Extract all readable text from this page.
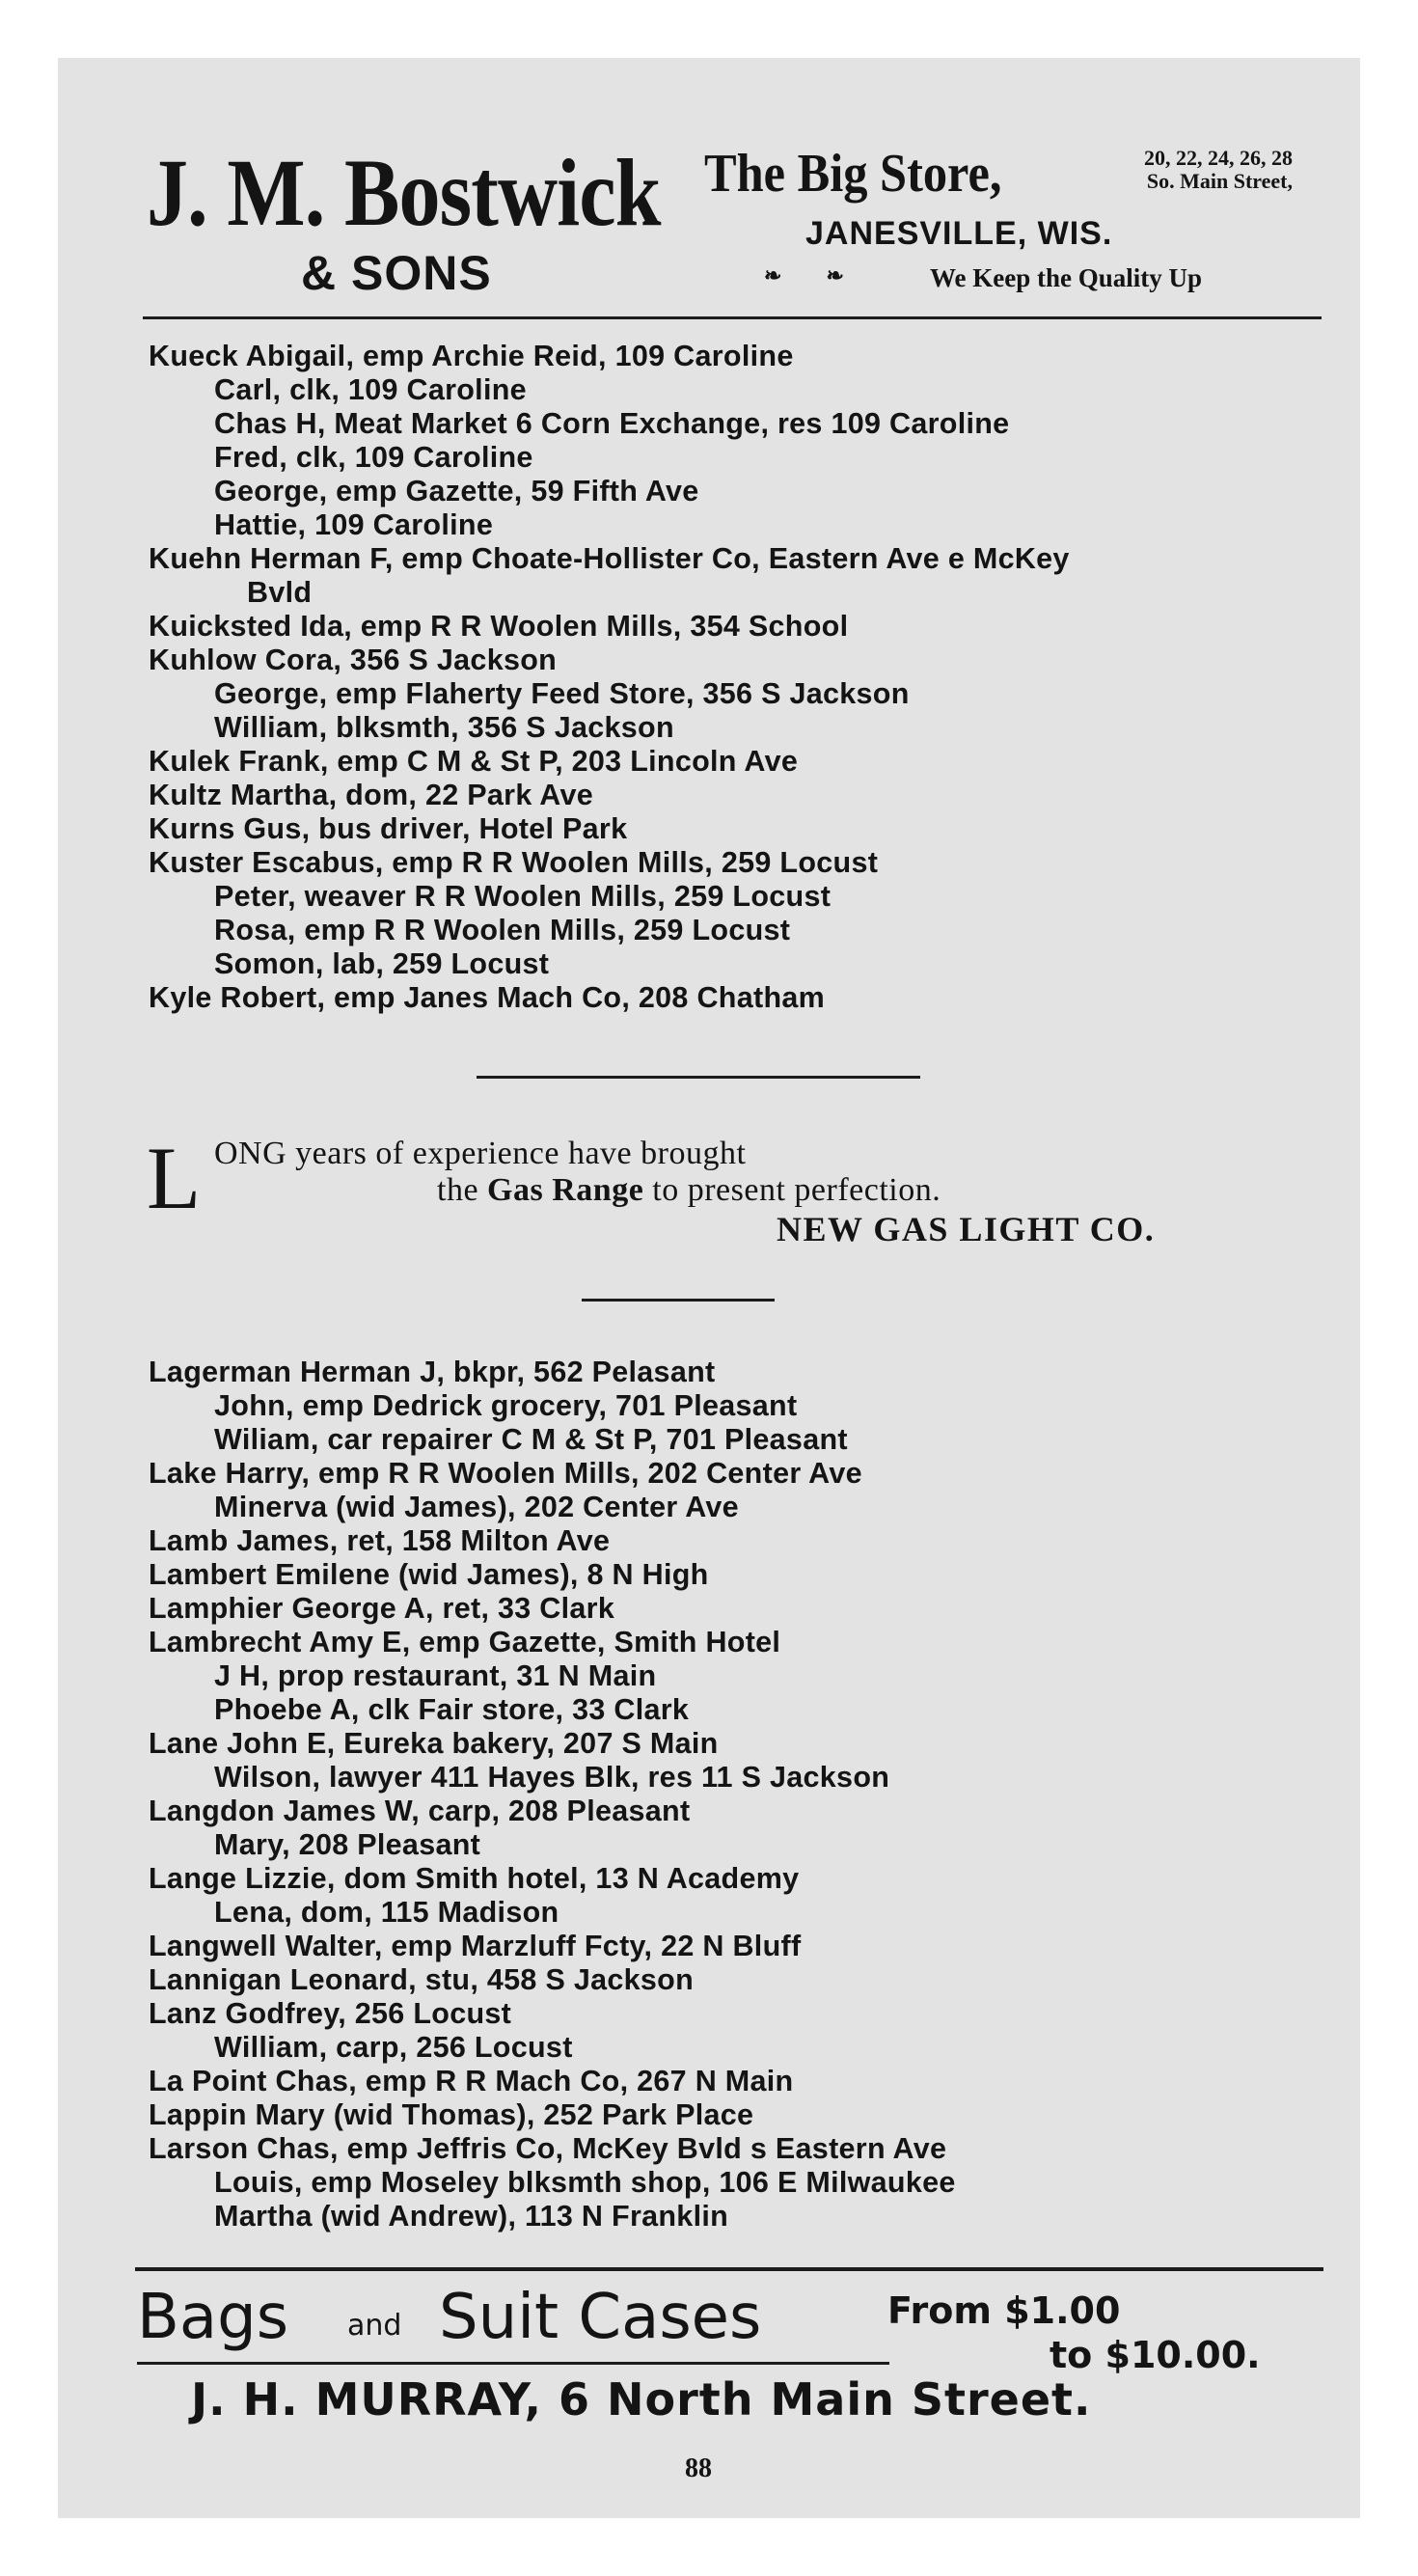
J. M. Bostwick
& SONS
The Big Store,	20, 22, 24, 26, 28
So. Main Street,
JANESVILLE, WIS.
❧ ❧	We Keep the Quality Up
Kueck Abigail, emp Archie Reid, 109 Caroline
Carl, clk, 109 Caroline
Chas H, Meat Market 6 Corn Exchange, res 109 Caroline
Fred, clk, 109 Caroline
George, emp Gazette, 59 Fifth Ave
Hattie, 109 Caroline
Kuehn Herman F, emp Choate-Hollister Co, Eastern Ave e McKey
Bvld
Kuicksted Ida, emp R R Woolen Mills, 354 School
Kuhlow Cora, 356 S Jackson
George, emp Flaherty Feed Store, 356 S Jackson
William, blksmth, 356 S Jackson
Kulek Frank, emp C M & St P, 203 Lincoln Ave
Kultz Martha, dom, 22 Park Ave
Kurns Gus, bus driver, Hotel Park
Kuster Escabus, emp R R Woolen Mills, 259 Locust
Peter, weaver R R Woolen Mills, 259 Locust
Rosa, emp R R Woolen Mills, 259 Locust
Somon, lab, 259 Locust
Kyle Robert, emp Janes Mach Co, 208 Chatham
L ONG years of experience have brought
the Gas Range to present perfection.
NEW GAS LIGHT CO.
Lagerman Herman J, bkpr, 562 Pelasant
John, emp Dedrick grocery, 701 Pleasant
Wiliam, car repairer C M & St P, 701 Pleasant
Lake Harry, emp R R Woolen Mills, 202 Center Ave
Minerva (wid James), 202 Center Ave
Lamb James, ret, 158 Milton Ave
Lambert Emilene (wid James), 8 N High
Lamphier George A, ret, 33 Clark
Lambrecht Amy E, emp Gazette, Smith Hotel
J H, prop restaurant, 31 N Main
Phoebe A, clk Fair store, 33 Clark
Lane John E, Eureka bakery, 207 S Main
Wilson, lawyer 411 Hayes Blk, res 11 S Jackson
Langdon James W, carp, 208 Pleasant
Mary, 208 Pleasant
Lange Lizzie, dom Smith hotel, 13 N Academy
Lena, dom, 115 Madison
Langwell Walter, emp Marzluff Fcty, 22 N Bluff
Lannigan Leonard, stu, 458 S Jackson
Lanz Godfrey, 256 Locust
William, carp, 256 Locust
La Point Chas, emp R R Mach Co, 267 N Main
Lappin Mary (wid Thomas), 252 Park Place
Larson Chas, emp Jeffris Co, McKey Bvld s Eastern Ave
Louis, emp Moseley blksmth shop, 106 E Milwaukee
Martha (wid Andrew), 113 N Franklin
Bags and Suit Cases	From $1.00
to $10.00.
J. H. MURRAY, 6 North Main Street.
88
